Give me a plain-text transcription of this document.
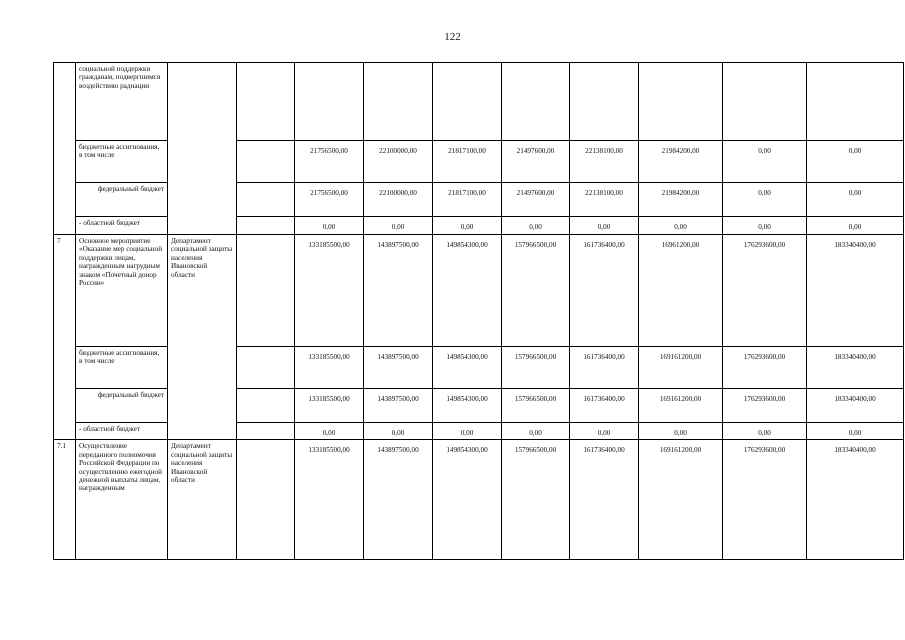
122
	социальной поддержки гражданам, подвергшимся воздействию радиации											
	бюджетные ассигнования, в том числе			21756500,00	22100000,00	21817100,00	21497600,00	22138100,00	21984200,00	0,00	0,00	
	федеральный бюджет			21756500,00	22100000,00	21817100,00	21497600,00	22138100,00	21984200,00	0,00	0,00	
	- областной бюджет			0,00	0,00	0,00	0,00	0,00	0,00	0,00	0,00	
7	Основное мероприятие «Оказание мер социальной поддержки лицам, награжденным нагрудным знаком «Почетный донор России»	Департамент социальной защиты населения Ивановской области		133185500,00	143897500,00	149854300,00	157966500,00	161736400,00	16961200,00	176293600,00	183340400,00	
	бюджетные ассигнования, в том числе			133185500,00	143897500,00	149854300,00	157966500,00	161736400,00	169161200,00	176293600,00	183340400,00	
	федеральный бюджет			133185500,00	143897500,00	149854300,00	157966500,00	161736400,00	169161200,00	176293600,00	183340400,00	
	- областной бюджет			0,00	0,00	0,00	0,00	0,00	0,00	0,00	0,00	
7.1	Осуществление переданного полномочия Российской Федерации по осуществлению ежегодной денежной выплаты лицам, награжденным	Департамент социальной защиты населения Ивановской области		133185500,00	143897500,00	149854300,00	157966500,00	161736400,00	169161200,00	176293600,00	183340400,00	
